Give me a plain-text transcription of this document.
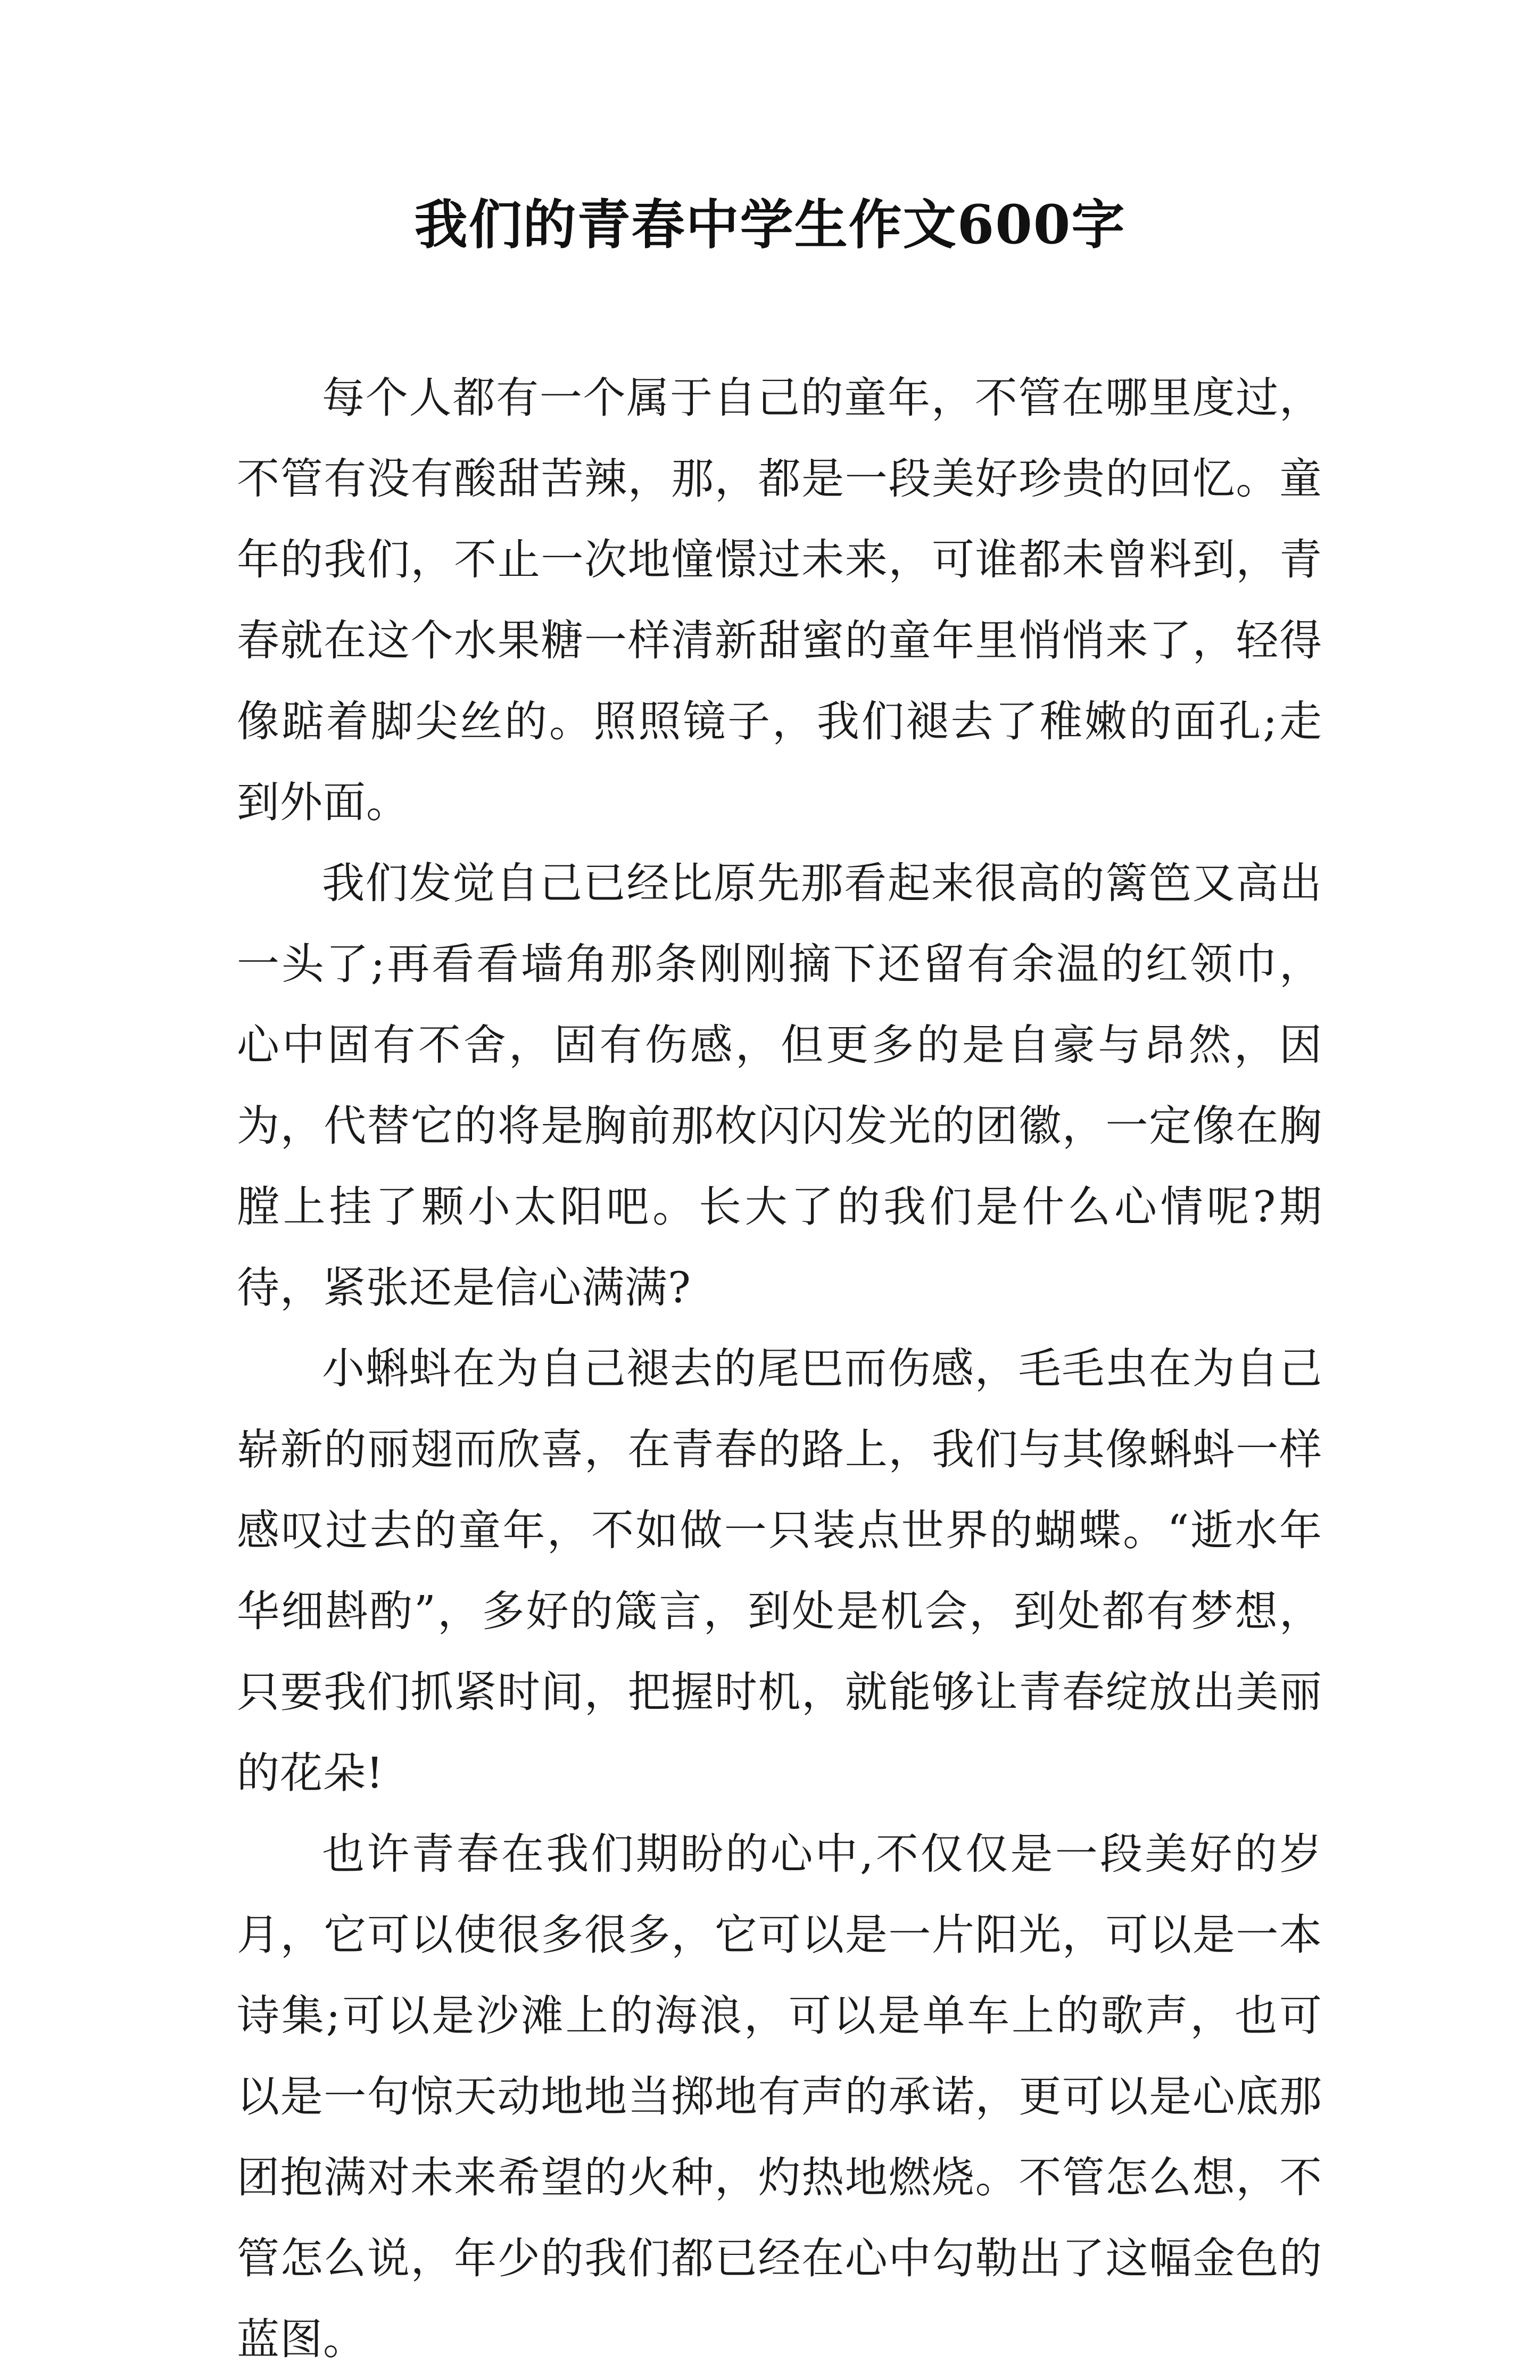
我们的青春中学生作文600字

每个人都有一个属于自己的童年，不管在哪里度过，不管有没有酸甜苦辣，那，都是一段美好珍贵的回忆。童年的我们，不止一次地憧憬过未来，可谁都未曾料到，青春就在这个水果糖一样清新甜蜜的童年里悄悄来了，轻得像踮着脚尖丝的。照照镜子，我们褪去了稚嫩的面孔;走到外面。

我们发觉自己已经比原先那看起来很高的篱笆又高出一头了;再看看墙角那条刚刚摘下还留有余温的红领巾，心中固有不舍，固有伤感，但更多的是自豪与昂然，因为，代替它的将是胸前那枚闪闪发光的团徽，一定像在胸膛上挂了颗小太阳吧。长大了的我们是什么心情呢?期待，紧张还是信心满满?

小蝌蚪在为自己褪去的尾巴而伤感，毛毛虫在为自己崭新的丽翅而欣喜，在青春的路上，我们与其像蝌蚪一样感叹过去的童年，不如做一只装点世界的蝴蝶。“逝水年华细斟酌”，多好的箴言，到处是机会，到处都有梦想，只要我们抓紧时间，把握时机，就能够让青春绽放出美丽的花朵!

也许青春在我们期盼的心中,不仅仅是一段美好的岁月，它可以使很多很多，它可以是一片阳光，可以是一本诗集;可以是沙滩上的海浪，可以是单车上的歌声，也可以是一句惊天动地地当掷地有声的承诺，更可以是心底那团抱满对未来希望的火种，灼热地燃烧。不管怎么想，不管怎么说，年少的我们都已经在心中勾勒出了这幅金色的蓝图。
